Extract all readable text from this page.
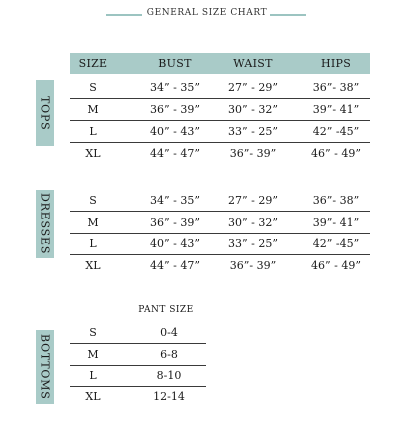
GENERAL SIZE CHART
SIZE	BUST	WAIST	HIPS
TOPS
S	34” - 35”	27” - 29”	36”- 38”
M	36” - 39”	30” - 32”	39”- 41”
L	40” - 43”	33” - 25”	42” -45”
XL	44” - 47”	36”- 39”	46” - 49”
DRESSES	S	34” - 35”	27” - 29”	36”- 38”
M	36” - 39”	30” - 32”	39”- 41”
L	40” - 43”	33” - 25”	42” -45”
XL	44” - 47”	36”- 39”	46” - 49”
PANT SIZE
BOTTOMS
S	0-4
M	6-8
L	8-10
XL	12-14
